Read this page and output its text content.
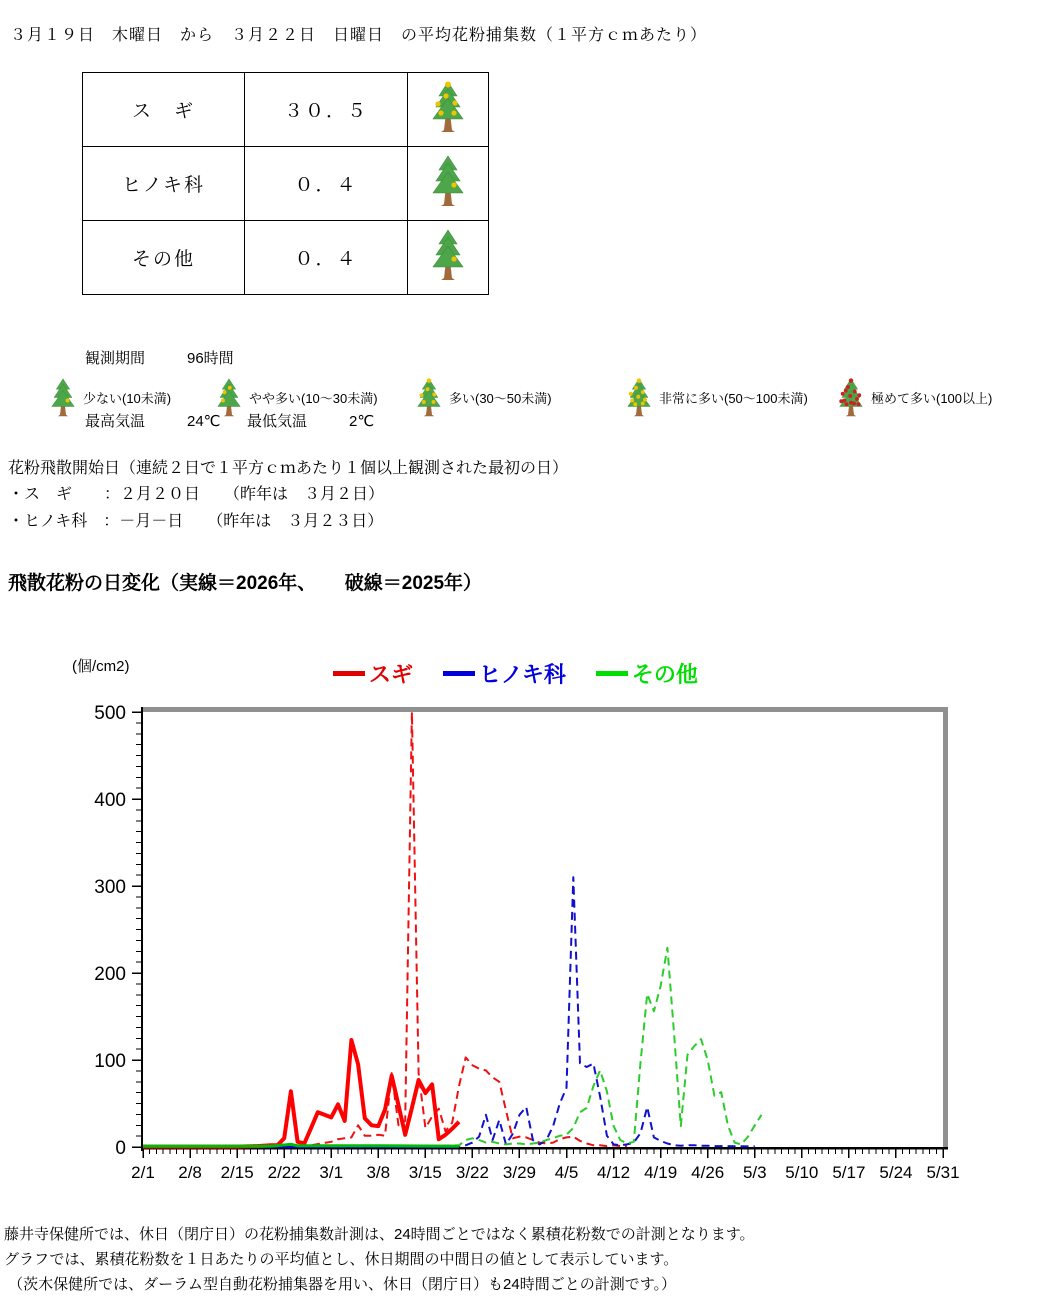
３月１９日　木曜日　から　３月２２日　日曜日　の平均花粉捕集数（１平方ｃｍあたり）
ス　ギ	３０．５	
ヒノキ科	０．４	
その他	０．４	

観測期間	96時間

最高気温	24℃ 最低気温	2℃

少ない(10未満)	やや多い(10～30未満)	多い(30～50未満)	非常に多い(50～100未満)	極めて多い(100以上)
花粉飛散開始日（連続２日で１平方ｃｍあたり１個以上観測された最初の日）
・ス　ギ　　：２月２０日　　（昨年は　３月２日）
・ヒノキ科　：－月－日　　（昨年は　３月２３日）
飛散花粉の日変化（実線＝2026年、　　破線＝2025年）
(個/cm2)	スギ	ヒノキ科	その他
0
100
200
300
400
500
2/1 2/8 2/15 2/22 3/1 3/8 3/15 3/22 3/29 4/5 4/12 4/19 4/26 5/3 5/10 5/17 5/24 5/31
藤井寺保健所では、休日（閉庁日）の花粉捕集数計測は、24時間ごとではなく累積花粉数での計測となります。
グラフでは、累積花粉数を１日あたりの平均値とし、休日期間の中間日の値として表示しています。
（茨木保健所では、ダーラム型自動花粉捕集器を用い、休日（閉庁日）も24時間ごとの計測です。）
